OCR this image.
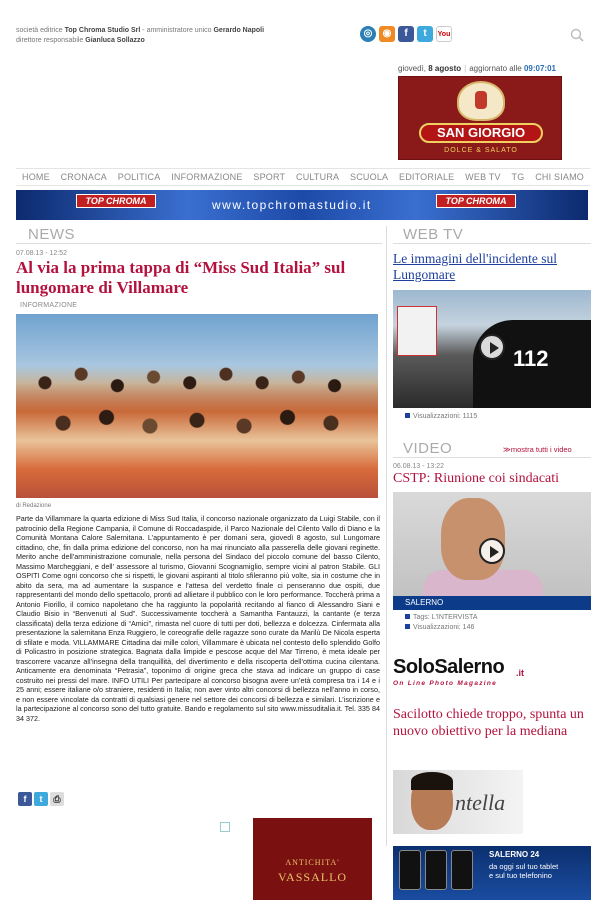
società editrice Top Chroma Studio Srl - amministratore unico Gerardo Napoli
direttore responsabile Gianluca Sollazzo
◎	◉	f	t	You
giovedì, 8 agosto | aggiornato alle 09:07:01
SAN GIORGIO
DOLCE & SALATO
HOME CRONACA POLITICA INFORMAZIONE SPORT CULTURA SCUOLA EDITORIALE WEB TV TG CHI SIAMO
TOP CHROMA	www.topchromastudio.it	TOP CHROMA
NEWS
07.08.13 - 12:52
Al via la prima tappa di “Miss Sud Italia” sul lungomare di Villamare
INFORMAZIONE
di Redazione
Parte da Villammare la quarta edizione di Miss Sud Italia, il concorso nazionale organizzato da Luigi Stabile, con il patrocinio della Regione Campania, il Comune di Roccadaspide, il Parco Nazionale del Cilento Vallo di Diano e la Comunità Montana Calore Salernitana. L’appuntamento è per domani sera, giovedì 8 agosto, sul Lungomare cittadino, che, fin dalla prima edizione del concorso, non ha mai rinunciato alla passerella delle giovani reginette. Merito anche dell’amministrazione comunale, nella persona del Sindaco del piccolo comune del basso Cilento, Massimo Marcheggiani, e dell’ assessore al turismo, Giovanni Scognamiglio, sempre vicini al patron Stabile. GLI OSPITI Come ogni concorso che si rispetti, le giovani aspiranti al titolo sfileranno più volte, sia in costume che in abito da sera, ma ad aumentare la suspance e l’attesa del verdetto finale ci penseranno due ospiti, due rappresentanti del mondo dello spettacolo, pronti ad allietare il pubblico con le loro performance. Toccherà prima a Antonio Fiorillo, il comico napoletano che ha raggiunto la popolarità recitando al fianco di Alessandro Siani e Claudio Bisio in “Benvenuti al Sud”. Successivamente toccherà a Samantha Fantauzzi, la cantante (e terza classificata) della terza edizione di “Amici”, rimasta nel cuore di tutti per doti, bellezza e dolcezza. Cinfermata alla presentazione la salernitana Enza Ruggiero, le coreografie delle ragazze sono curate da Marilù De Nicola esperta di sfilate e moda. VILLAMMARE Cittadina dai mille colori, Villammare è ubicata nel contesto dello splendido Golfo di Policastro in posizione strategica. Bagnata dalla limpide e pescose acque del Mar Tirreno, è meta ideale per trascorrere vacanze all’insegna della tranquillità, del divertimento e della riscoperta dell’ottima cucina cilentana. Anticamente era denominata “Petrasia”, toponimo di origine greca che stava ad indicare un gruppo di case costruito nei pressi del mare. INFO UTILI Per partecipare al concorso bisogna avere un’età compresa tra i 14 e i 25 anni; essere italiane o/o straniere, residenti in Italia; non aver vinto altri concorsi di bellezza nell’anno in corso, e non essere vincolate da contratti di qualsiasi genere nel settore dei concorsi di bellezza e similari. L’iscrizione e la partecipazione al concorso sono del tutto gratuite. Bando e regolamento sul sito www.missuditalia.it. Tel. 335 84 34 372.
f	t	⎙
ANTICHITA'
VASSALLO
WEB TV
Le immagini dell'incidente sul Lungomare
112
Visualizzazioni: 1115
VIDEO	≫mostra tutti i video
06.08.13 - 13:22
CSTP: Riunione coi sindacati
SALERNO
Tags: L'INTERVISTA
Visualizzazioni: 146
SoloSalerno .it
On Line Photo Magazine
Sacilotto chiede troppo, spunta un nuovo obiettivo per la mediana
ntella
SALERNO 24
da oggi sul tuo tablet
e sul tuo telefonino
